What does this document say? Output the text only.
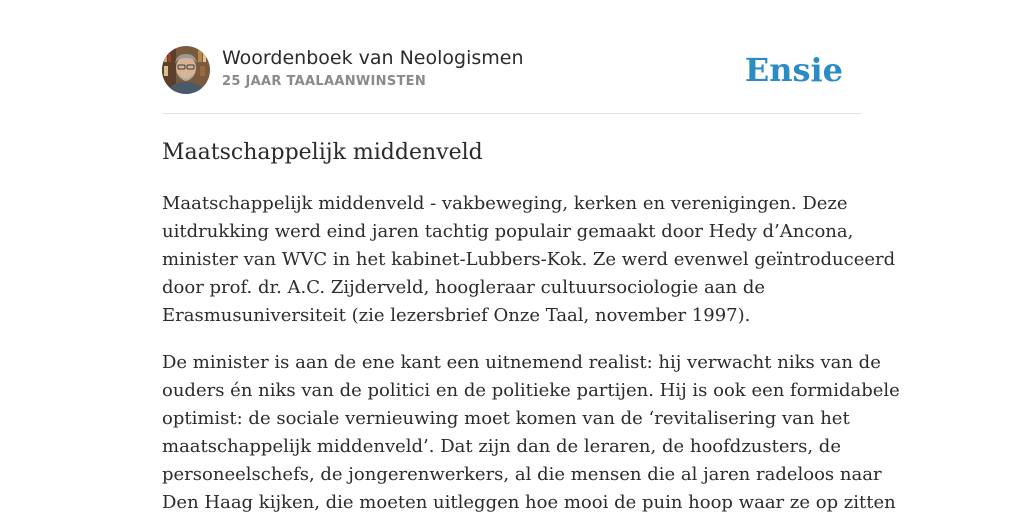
Woordenboek van Neologismen
25 JAAR TAALAANWINSTEN	Ensie
Maatschappelijk middenveld

Maatschappelijk middenveld - vakbeweging, kerken en verenigingen. Deze
uitdrukking werd eind jaren tachtig populair gemaakt door Hedy d’Ancona,
minister van WVC in het kabinet-Lubbers-Kok. Ze werd evenwel geïntroduceerd
door prof. dr. A.C. Zijderveld, hoogleraar cultuursociologie aan de
Erasmusuniversiteit (zie lezersbrief Onze Taal, november 1997).

De minister is aan de ene kant een uitnemend realist: hij verwacht niks van de
ouders én niks van de politici en de politieke partijen. Hij is ook een formidabele
optimist: de sociale vernieuwing moet komen van de ‘revitalisering van het
maatschappelijk middenveld’. Dat zijn dan de leraren, de hoofdzusters, de
personeelschefs, de jongerenwerkers, al die mensen die al jaren radeloos naar
Den Haag kijken, die moeten uitleggen hoe mooi de puin hoop waar ze op zitten
